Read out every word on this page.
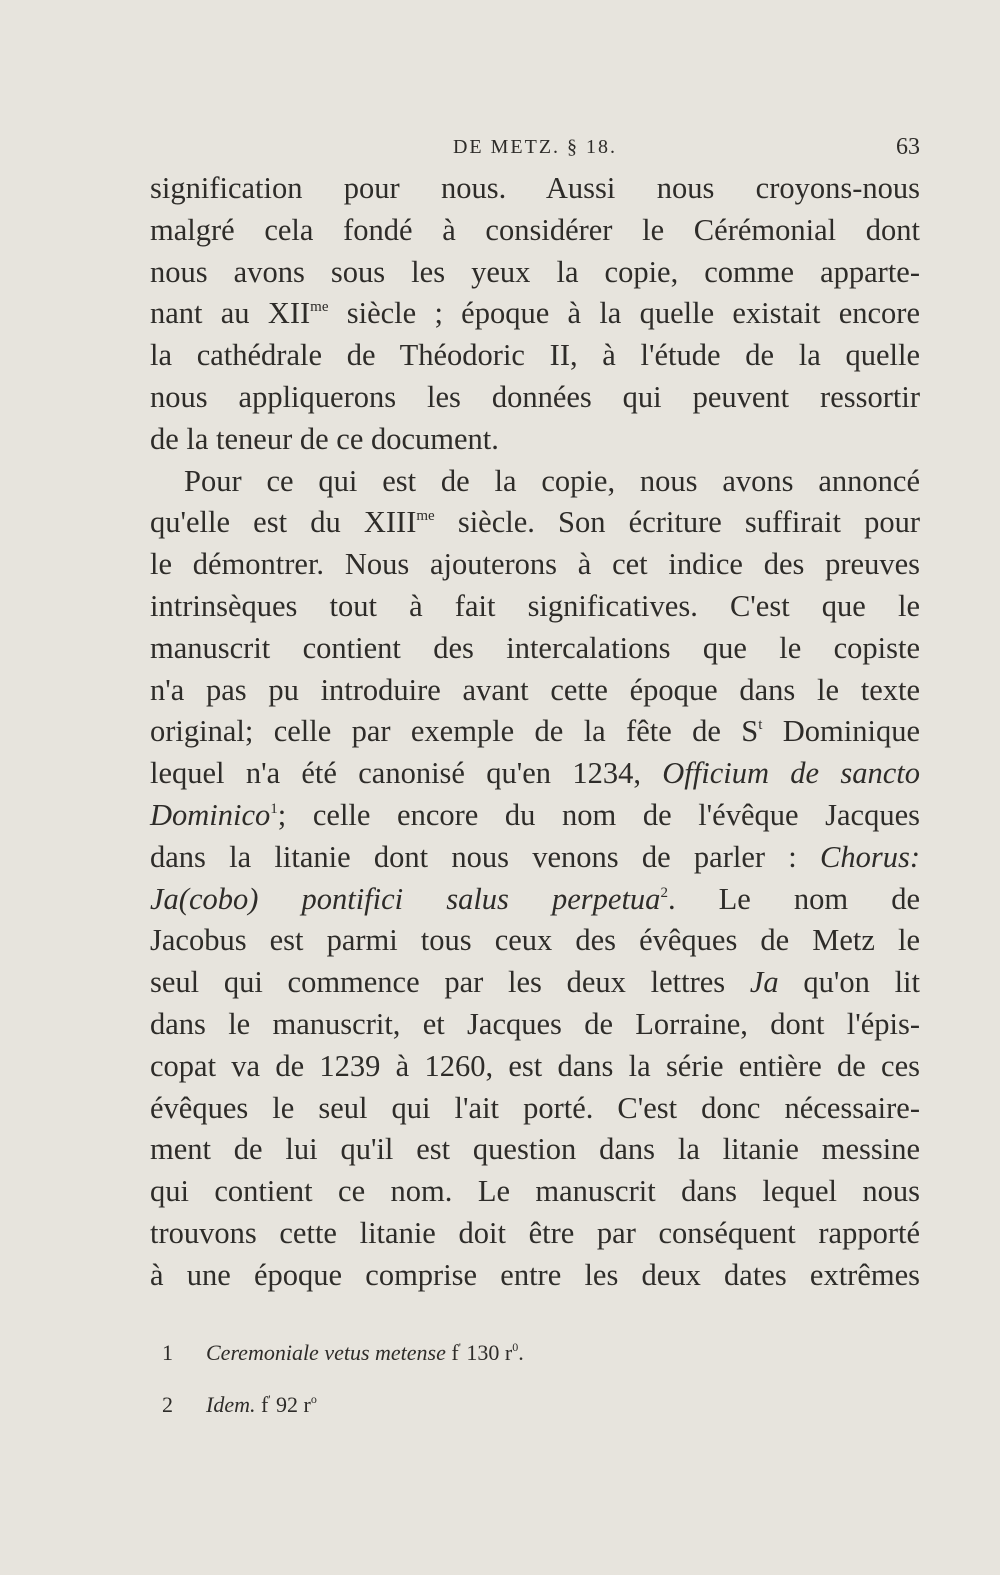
DE METZ. § 18.	63
signification pour nous. Aussi nous croyons-nous
malgré cela fondé à considérer le Cérémonial dont
nous avons sous les yeux la copie, comme apparte-
nant au $XII^{me}$ siècle ; époque à la quelle existait encore
la cathédrale de Théodoric II, à l'étude de la quelle
nous appliquerons les données qui peuvent ressortir
de la teneur de ce document.
Pour ce qui est de la copie, nous avons annoncé
qu'elle est du $XIII^{me}$ siècle. Son écriture suffirait pour
le démontrer. Nous ajouterons à cet indice des preuves
intrinsèques tout à fait significatives. C'est que le
manuscrit contient des intercalations que le copiste
n'a pas pu introduire avant cette époque dans le texte
original; celle par exemple de la fête de $S^t$ Dominique
lequel n'a été canonisé qu'en 1234, Officium de sancto
Dominico$^1$; celle encore du nom de l'évêque Jacques
dans la litanie dont nous venons de parler : Chorus:
Ja(cobo) pontifici salus perpetua$^2$. Le nom de
Jacobus est parmi tous ceux des évêques de Metz le
seul qui commence par les deux lettres Ja qu'on lit
dans le manuscrit, et Jacques de Lorraine, dont l'épis-
copat va de 1239 à 1260, est dans la série entière de ces
évêques le seul qui l'ait porté. C'est donc nécessaire-
ment de lui qu'il est question dans la litanie messine
qui contient ce nom. Le manuscrit dans lequel nous
trouvons cette litanie doit être par conséquent rapporté
à une époque comprise entre les deux dates extrêmes
1 Ceremoniale vetus metense f' 130 $r^0$.
2 Idem. f' 92 $r^o$
